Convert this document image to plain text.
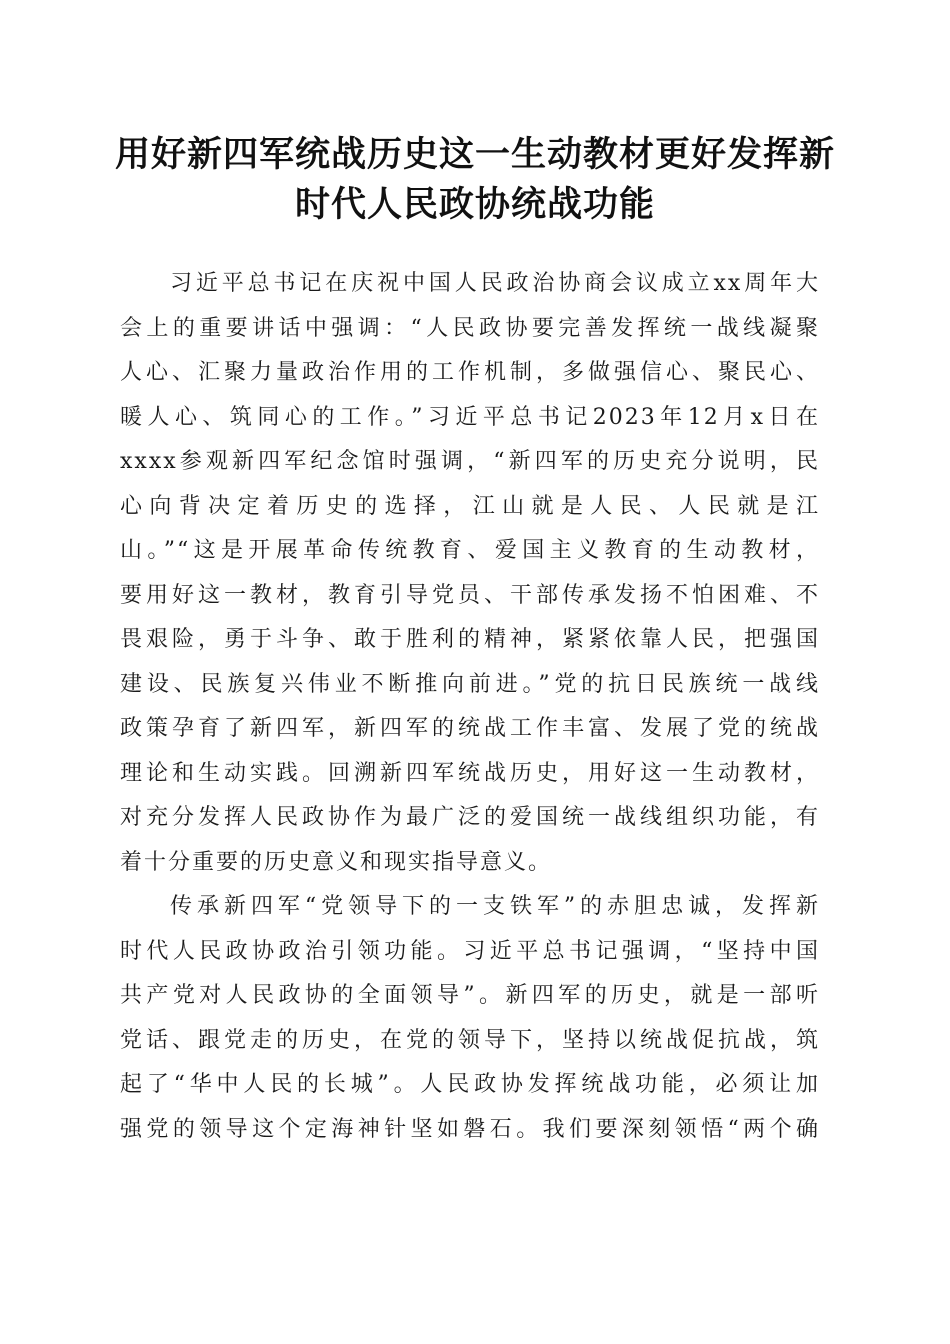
用好新四军统战历史这一生动教材更好发挥新
时代人民政协统战功能
习近平总书记在庆祝中国人民政治协商会议成立xx周年大
会上的重要讲话中强调：“人民政协要完善发挥统一战线凝聚
人心、汇聚力量政治作用的工作机制，多做强信心、聚民心、
暖人心、筑同心的工作。”习近平总书记2023年12月x日在
xxxx参观新四军纪念馆时强调，“新四军的历史充分说明，民
心向背决定着历史的选择，江山就是人民、人民就是江
山。”“这是开展革命传统教育、爱国主义教育的生动教材，
要用好这一教材，教育引导党员、干部传承发扬不怕困难、不
畏艰险，勇于斗争、敢于胜利的精神，紧紧依靠人民，把强国
建设、民族复兴伟业不断推向前进。”党的抗日民族统一战线
政策孕育了新四军，新四军的统战工作丰富、发展了党的统战
理论和生动实践。回溯新四军统战历史，用好这一生动教材，
对充分发挥人民政协作为最广泛的爱国统一战线组织功能，有
着十分重要的历史意义和现实指导意义。
传承新四军“党领导下的一支铁军”的赤胆忠诚，发挥新
时代人民政协政治引领功能。习近平总书记强调，“坚持中国
共产党对人民政协的全面领导”。新四军的历史，就是一部听
党话、跟党走的历史，在党的领导下，坚持以统战促抗战，筑
起了“华中人民的长城”。人民政协发挥统战功能，必须让加
强党的领导这个定海神针坚如磐石。我们要深刻领悟“两个确
